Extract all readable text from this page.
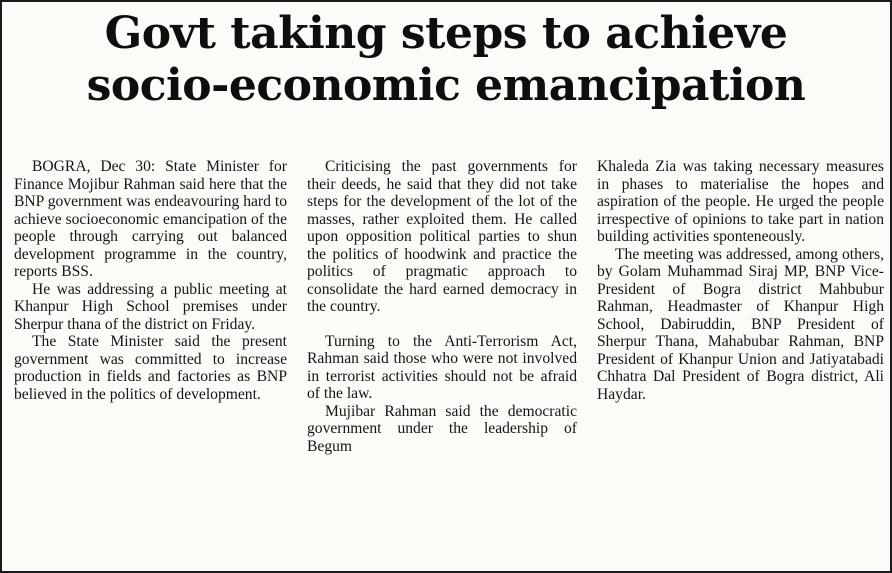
Govt taking steps to achieve
socio-economic emancipation

BOGRA, Dec 30: State Minister for Finance Mojibur Rahman said here that the BNP government was endeavouring hard to achieve socioeconomic emancipation of the people through carrying out balanced development programme in the country, reports BSS.

He was addressing a public meeting at Khanpur High School premises under Sherpur thana of the district on Friday.

The State Minister said the present government was committed to increase production in fields and factories as BNP believed in the politics of development.

Criticising the past governments for their deeds, he said that they did not take steps for the development of the lot of the masses, rather exploited them. He called upon opposition political parties to shun the politics of hoodwink and practice the politics of pragmatic approach to consolidate the hard earned democracy in the country.

Turning to the Anti-Terrorism Act, Rahman said those who were not involved in terrorist activities should not be afraid of the law.

Mujibar Rahman said the democratic government under the leadership of Begum

Khaleda Zia was taking necessary measures in phases to materialise the hopes and aspiration of the people. He urged the people irrespective of opinions to take part in nation building activities sponteneously.

The meeting was addressed, among others, by Golam Muhammad Siraj MP, BNP Vice-President of Bogra district Mahbubur Rahman, Headmaster of Khanpur High School, Dabiruddin, BNP President of Sherpur Thana, Mahabubar Rahman, BNP President of Khanpur Union and Jatiyatabadi Chhatra Dal President of Bogra district, Ali Haydar.
